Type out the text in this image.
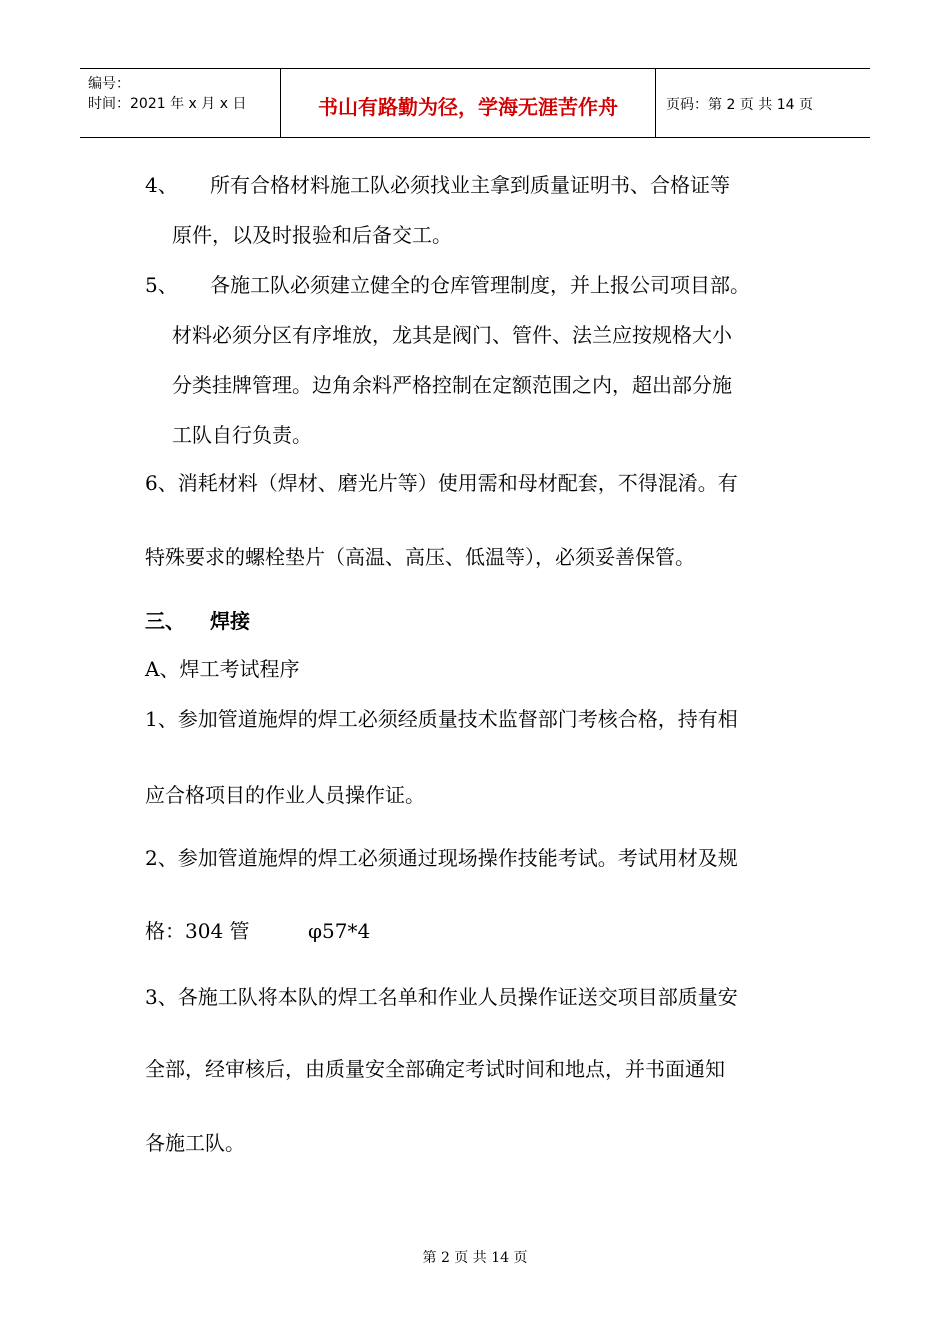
编号：
时间：2021 年 x 月 x 日	书山有路勤为径，学海无涯苦作舟	页码：第 2 页 共 14 页
4、 所有合格材料施工队必须找业主拿到质量证明书、合格证等
原件，以及时报验和后备交工。
5、 各施工队必须建立健全的仓库管理制度，并上报公司项目部。
材料必须分区有序堆放，龙其是阀门、管件、法兰应按规格大小
分类挂牌管理。边角余料严格控制在定额范围之内，超出部分施
工队自行负责。
6、消耗材料（焊材、磨光片等）使用需和母材配套，不得混淆。有
特殊要求的螺栓垫片（高温、高压、低温等），必须妥善保管。
三、 焊接
A、焊工考试程序
1、参加管道施焊的焊工必须经质量技术监督部门考核合格，持有相
应合格项目的作业人员操作证。
2、参加管道施焊的焊工必须通过现场操作技能考试。考试用材及规
格：304 管	φ57*4
3、各施工队将本队的焊工名单和作业人员操作证送交项目部质量安
全部，经审核后，由质量安全部确定考试时间和地点，并书面通知
各施工队。
第 2 页 共 14 页
